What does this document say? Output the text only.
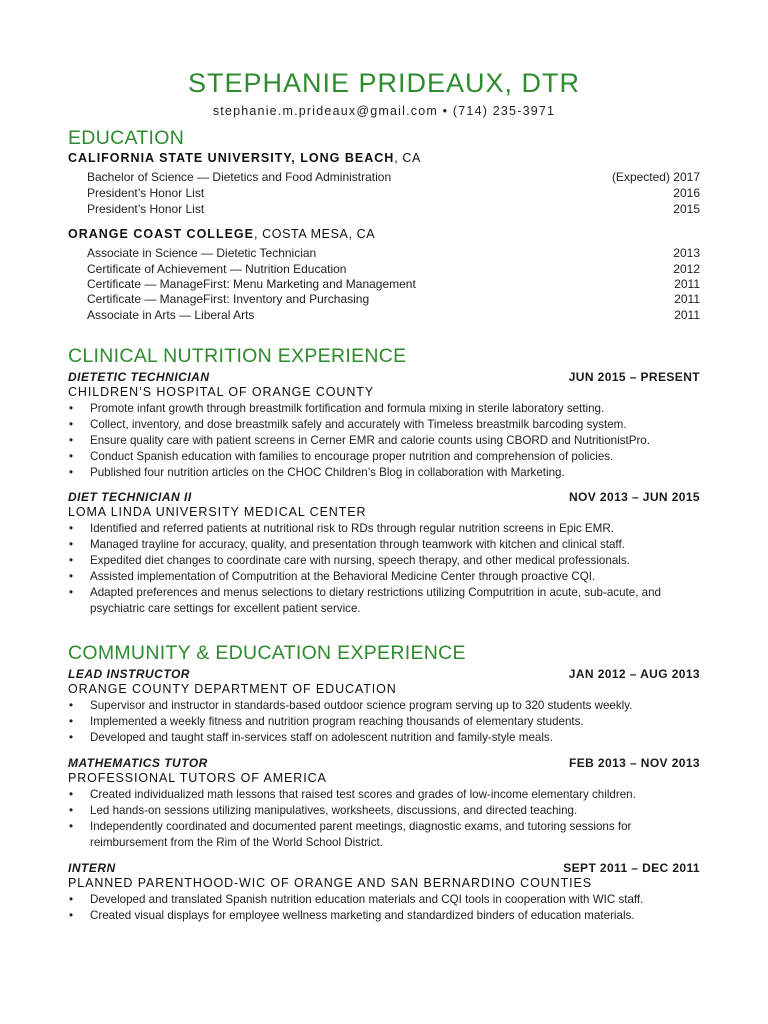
STEPHANIE PRIDEAUX, DTR
stephanie.m.prideaux@gmail.com • (714) 235-3971
EDUCATION
CALIFORNIA STATE UNIVERSITY, LONG BEACH, CA
Bachelor of Science — Dietetics and Food Administration	(Expected) 2017
President’s Honor List	2016
President’s Honor List	2015
ORANGE COAST COLLEGE, COSTA MESA, CA
Associate in Science — Dietetic Technician	2013
Certificate of Achievement — Nutrition Education	2012
Certificate — ManageFirst: Menu Marketing and Management	2011
Certificate — ManageFirst: Inventory and Purchasing	2011
Associate in Arts — Liberal Arts	2011
CLINICAL NUTRITION EXPERIENCE
DIETETIC TECHNICIAN	JUN 2015 – PRESENT
CHILDREN’S HOSPITAL OF ORANGE COUNTY
• Promote infant growth through breastmilk fortification and formula mixing in sterile laboratory setting.
• Collect, inventory, and dose breastmilk safely and accurately with Timeless breastmilk barcoding system.
• Ensure quality care with patient screens in Cerner EMR and calorie counts using CBORD and NutritionistPro.
• Conduct Spanish education with families to encourage proper nutrition and comprehension of policies.
• Published four nutrition articles on the CHOC Children’s Blog in collaboration with Marketing.
DIET TECHNICIAN II	NOV 2013 – JUN 2015
LOMA LINDA UNIVERSITY MEDICAL CENTER
• Identified and referred patients at nutritional risk to RDs through regular nutrition screens in Epic EMR.
• Managed trayline for accuracy, quality, and presentation through teamwork with kitchen and clinical staff.
• Expedited diet changes to coordinate care with nursing, speech therapy, and other medical professionals.
• Assisted implementation of Computrition at the Behavioral Medicine Center through proactive CQI.
• Adapted preferences and menus selections to dietary restrictions utilizing Computrition in acute, sub-acute, and psychiatric care settings for excellent patient service.
COMMUNITY & EDUCATION EXPERIENCE
LEAD INSTRUCTOR	JAN 2012 – AUG 2013
ORANGE COUNTY DEPARTMENT OF EDUCATION
• Supervisor and instructor in standards-based outdoor science program serving up to 320 students weekly.
• Implemented a weekly fitness and nutrition program reaching thousands of elementary students.
• Developed and taught staff in-services staff on adolescent nutrition and family-style meals.
MATHEMATICS TUTOR	FEB 2013 – NOV 2013
PROFESSIONAL TUTORS OF AMERICA
• Created individualized math lessons that raised test scores and grades of low-income elementary children.
• Led hands-on sessions utilizing manipulatives, worksheets, discussions, and directed teaching.
• Independently coordinated and documented parent meetings, diagnostic exams, and tutoring sessions for reimbursement from the Rim of the World School District.
INTERN	SEPT 2011 – DEC 2011
PLANNED PARENTHOOD-WIC OF ORANGE AND SAN BERNARDINO COUNTIES
• Developed and translated Spanish nutrition education materials and CQI tools in cooperation with WIC staff.
• Created visual displays for employee wellness marketing and standardized binders of education materials.
